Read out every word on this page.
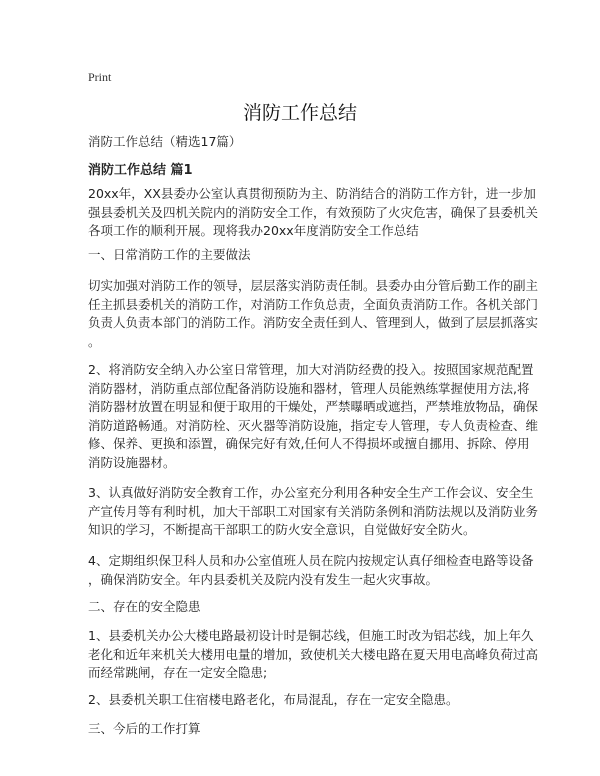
Print
消防工作总结
消防工作总结（精选17篇）
消防工作总结 篇1
20xx年，XX县委办公室认真贯彻预防为主、防消结合的消防工作方针，进一步加
强县委机关及四机关院内的消防安全工作，有效预防了火灾危害，确保了县委机关
各项工作的顺利开展。现将我办20xx年度消防安全工作总结
一、日常消防工作的主要做法
切实加强对消防工作的领导，层层落实消防责任制。县委办由分管后勤工作的副主
任主抓县委机关的消防工作，对消防工作负总责，全面负责消防工作。各机关部门
负责人负责本部门的消防工作。消防安全责任到人、管理到人，做到了层层抓落实
。
2、将消防安全纳入办公室日常管理，加大对消防经费的投入。按照国家规范配置
消防器材，消防重点部位配备消防设施和器材，管理人员能熟练掌握使用方法,将
消防器材放置在明显和便于取用的干燥处，严禁曝晒或遮挡，严禁堆放物品，确保
消防道路畅通。对消防栓、灭火器等消防设施，指定专人管理，专人负责检查、维
修、保养、更换和添置，确保完好有效,任何人不得损坏或擅自挪用、拆除、停用
消防设施器材。
3、认真做好消防安全教育工作，办公室充分利用各种安全生产工作会议、安全生
产宣传月等有利时机，加大干部职工对国家有关消防条例和消防法规以及消防业务
知识的学习，不断提高干部职工的防火安全意识，自觉做好安全防火。
4、定期组织保卫科人员和办公室值班人员在院内按规定认真仔细检查电路等设备
，确保消防安全。年内县委机关及院内没有发生一起火灾事故。
二、存在的安全隐患
1、县委机关办公大楼电路最初设计时是铜芯线，但施工时改为铝芯线，加上年久
老化和近年来机关大楼用电量的增加，致使机关大楼电路在夏天用电高峰负荷过高
而经常跳闸，存在一定安全隐患;
2、县委机关职工住宿楼电路老化，布局混乱，存在一定安全隐患。
三、今后的工作打算
